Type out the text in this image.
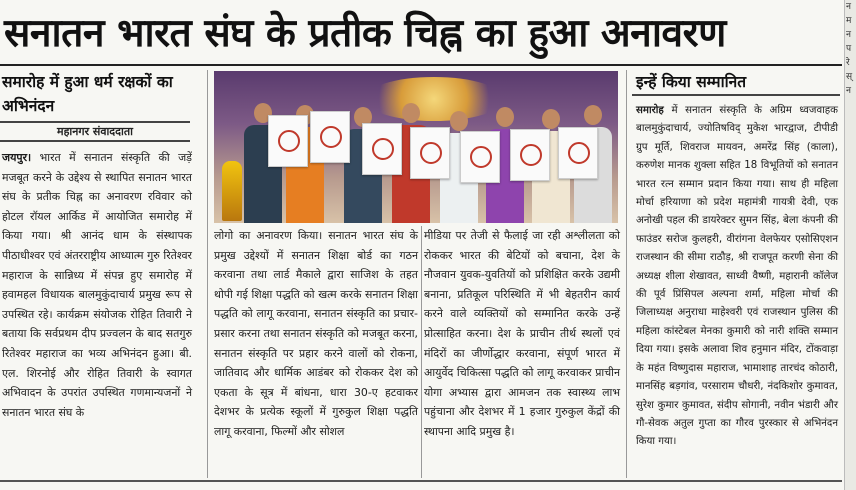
सनातन भारत संघ के प्रतीक चिह्न का हुआ अनावरण
समारोह में हुआ धर्म रक्षकों का अभिनंदन
महानगर संवाददाता

जयपुर। भारत में सनातन संस्कृति की जड़ें मजबूत करने के उद्देश्य से स्थापित सनातन भारत संघ के प्रतीक चिह्न का अनावरण रविवार को होटल रॉयल आर्किड में आयोजित समारोह में किया गया। श्री आनंद धाम के संस्थापक पीठाधीश्वर एवं अंतरराष्ट्रीय आध्यात्म गुरु रितेश्वर महाराज के सान्निध्य में संपन्न हुए समारोह में हवामहल विधायक बालमुकुंदाचार्य प्रमुख रूप से उपस्थित रहे। कार्यक्रम संयोजक रोहित तिवारी ने बताया कि सर्वप्रथम दीप प्रज्वलन के बाद सतगुरु रितेश्वर महाराज का भव्य अभिनंदन हुआ। बी. एल. शिरनोई और रोहित तिवारी के स्वागत अभिवादन के उपरांत उपस्थित गणमान्यजनों ने सनातन भारत संघ के

लोगो का अनावरण किया। सनातन भारत संघ के प्रमुख उद्देश्यों में सनातन शिक्षा बोर्ड का गठन करवाना तथा लार्ड मैकाले द्वारा साजिश के तहत थोपी गई शिक्षा पद्धति को खत्म करके सनातन शिक्षा पद्धति को लागू करवाना, सनातन संस्कृति का प्रचार-प्रसार करना तथा सनातन संस्कृति को मजबूत करना, सनातन संस्कृति पर प्रहार करने वालों को रोकना, जातिवाद और धार्मिक आडंबर को रोककर देश को एकता के सूत्र में बांधना, धारा 30-ए हटवाकर देशभर के प्रत्येक स्कूलों में गुरुकुल शिक्षा पद्धति लागू करवाना, फिल्मों और सोशल

मीडिया पर तेजी से फैलाई जा रही अश्लीलता को रोककर भारत की बेटियों को बचाना, देश के नौजवान युवक-युवतियों को प्रशिक्षित करके उद्यमी बनाना, प्रतिकूल परिस्थिति में भी बेहतरीन कार्य करने वाले व्यक्तियों को सम्मानित करके उन्हें प्रोत्साहित करना। देश के प्राचीन तीर्थ स्थलों एवं मंदिरों का जीर्णोद्धार करवाना, संपूर्ण भारत में आयुर्वेद चिकित्सा पद्धति को लागू करवाकर प्राचीन योगा अभ्यास द्वारा आमजन तक स्वास्थ्य लाभ पहुंचाना और देशभर में 1 हजार गुरुकुल केंद्रों की स्थापना आदि प्रमुख है।

इन्हें किया सम्मानित

समारोह में सनातन संस्कृति के अग्रिम ध्वजवाहक बालमुकुंदाचार्य, ज्योतिषविद् मुकेश भारद्वाज, टीपीडी ग्रुप मूर्ति, शिवराज मायवन, अमरेंद्र सिंह (काला), करुणेश मानक शुक्ला सहित 18 विभूतियों को सनातन भारत रत्न सम्मान प्रदान किया गया। साथ ही महिला मोर्चा हरियाणा को प्रदेश महामंत्री गायत्री देवी, एक अनोखी पहल की डायरेक्टर सुमन सिंह, बेला कंपनी की फाउंडर सरोज कुलहरी, वीरांगना वेलफेयर एसोसिएशन राजस्थान की सीमा राठौड़, श्री राजपूत करणी सेना की अध्यक्ष शीला शेखावत, साध्वी वैष्णी, महारानी कॉलेज की पूर्व प्रिंसिपल अल्पना शर्मा, महिला मोर्चा की जिलाध्यक्ष अनुराधा माहेश्वरी एवं राजस्थान पुलिस की महिला कांस्टेबल मेनका कुमारी को नारी शक्ति सम्मान दिया गया। इसके अलावा शिव हनुमान मंदिर, टोंकवाड़ा के महंत विष्णुदास महाराज, भामाशाह तारचंद कोठारी, मानसिंह बड़गांव, परसाराम चौधरी, नंदकिशोर कुमावत, सुरेश कुमार कुमावत, संदीप सोगानी, नवीन भंडारी और गौ-सेवक अतुल गुप्ता का गौरव पुरस्कार से अभिनंदन किया गया।

न
म
न
प
रे
स्
न
